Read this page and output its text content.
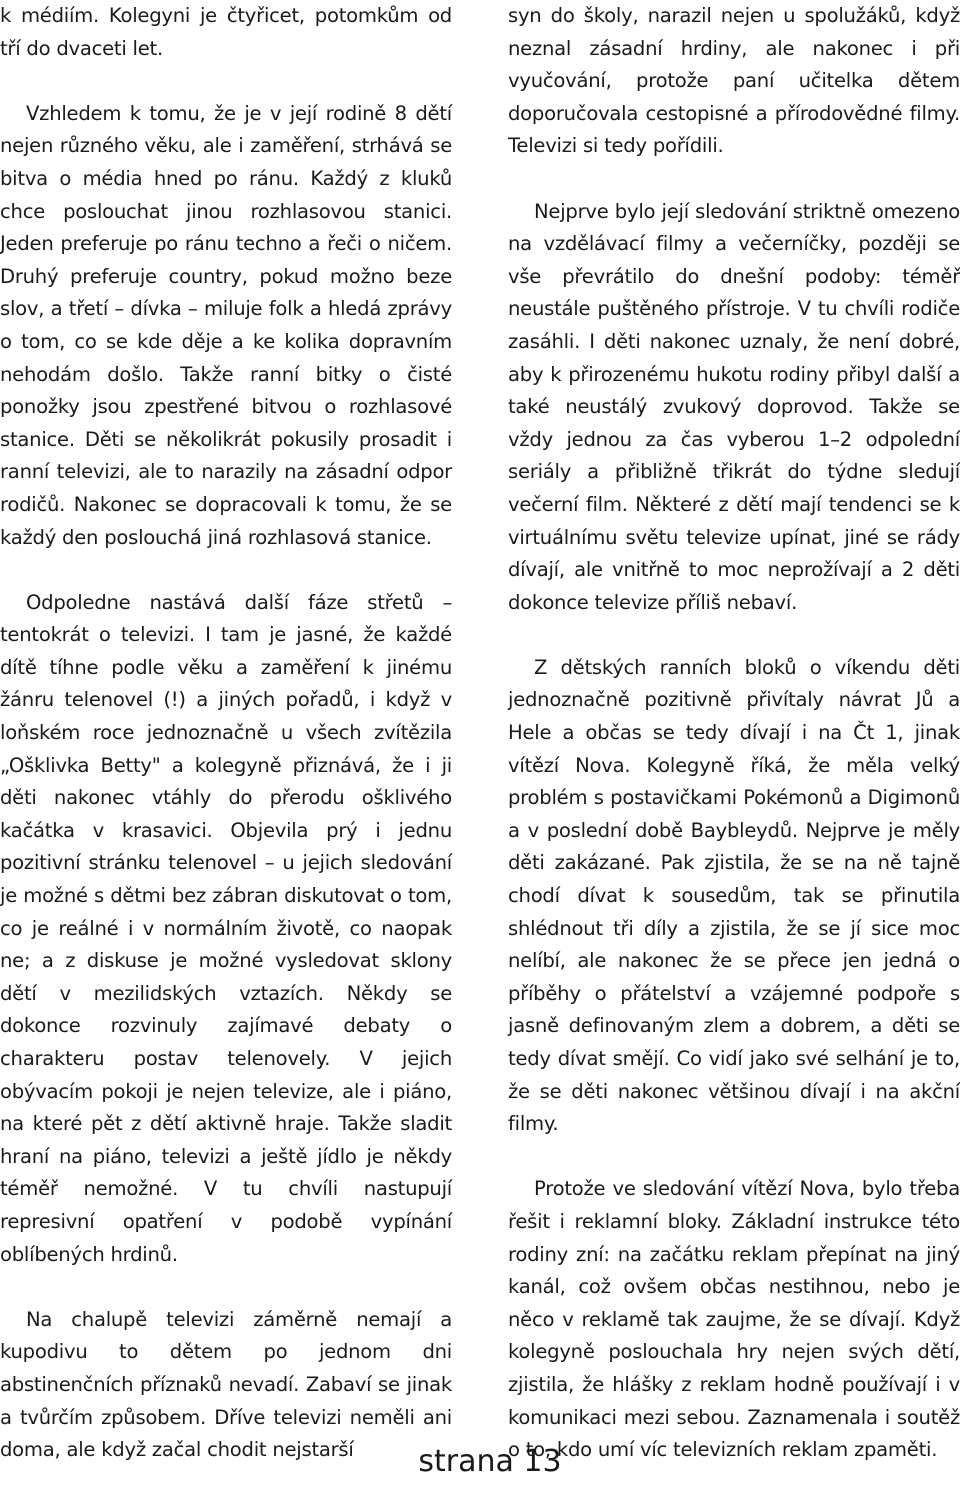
k médiím. Kolegyni je čtyřicet, potomkům od tří do dvaceti let.

Vzhledem k tomu, že je v její rodině 8 dětí nejen různého věku, ale i zaměření, strhává se bitva o média hned po ránu. Každý z kluků chce poslouchat jinou rozhlasovou stanici. Jeden preferuje po ránu techno a řeči o ničem. Druhý preferuje country, pokud možno beze slov, a třetí – dívka – miluje folk a hledá zprávy o tom, co se kde děje a ke kolika dopravním nehodám došlo. Takže ranní bitky o čisté ponožky jsou zpestřené bitvou o rozhlasové stanice. Děti se několikrát pokusily prosadit i ranní televizi, ale to narazily na zásadní odpor rodičů. Nakonec se dopracovali k tomu, že se každý den poslouchá jiná rozhlasová stanice.

Odpoledne nastává další fáze střetů – tentokrát o televizi. I tam je jasné, že každé dítě tíhne podle věku a zaměření k jinému žánru telenovel (!) a jiných pořadů, i když v loňském roce jednoznačně u všech zvítězila „Ošklivka Betty" a kolegyně přiznává, že i ji děti nakonec vtáhly do přerodu ošklivého kačátka v krasavici. Objevila prý i jednu pozitivní stránku telenovel – u jejich sledování je možné s dětmi bez zábran diskutovat o tom, co je reálné i v normálním životě, co naopak ne; a z diskuse je možné vysledovat sklony dětí v mezilidských vztazích. Někdy se dokonce rozvinuly zajímavé debaty o charakteru postav telenovely. V jejich obývacím pokoji je nejen televize, ale i piáno, na které pět z dětí aktivně hraje. Takže sladit hraní na piáno, televizi a ještě jídlo je někdy téměř nemožné. V tu chvíli nastupují represivní opatření v podobě vypínání oblíbených hrdinů.

Na chalupě televizi záměrně nemají a kupodivu to dětem po jednom dni abstinenčních příznaků nevadí. Zabaví se jinak a tvůrčím způsobem. Dříve televizi neměli ani doma, ale když začal chodit nejstarší

syn do školy, narazil nejen u spolužáků, když neznal zásadní hrdiny, ale nakonec i při vyučování, protože paní učitelka dětem doporučovala cestopisné a přírodovědné filmy. Televizi si tedy pořídili.

Nejprve bylo její sledování striktně omezeno na vzdělávací filmy a večerníčky, později se vše převrátilo do dnešní podoby: téměř neustále puštěného přístroje. V tu chvíli rodiče zasáhli. I děti nakonec uznaly, že není dobré, aby k přirozenému hukotu rodiny přibyl další a také neustálý zvukový doprovod. Takže se vždy jednou za čas vyberou 1–2 odpolední seriály a přibližně třikrát do týdne sledují večerní film. Některé z dětí mají tendenci se k virtuálnímu světu televize upínat, jiné se rády dívají, ale vnitřně to moc neprožívají a 2 děti dokonce televize příliš nebaví.

Z dětských ranních bloků o víkendu děti jednoznačně pozitivně přivítaly návrat Jů a Hele a občas se tedy dívají i na Čt 1, jinak vítězí Nova. Kolegyně říká, že měla velký problém s postavičkami Pokémonů a Digimonů a v poslední době Baybleydů. Nejprve je měly děti zakázané. Pak zjistila, že se na ně tajně chodí dívat k sousedům, tak se přinutila shlédnout tři díly a zjistila, že se jí sice moc nelíbí, ale nakonec že se přece jen jedná o příběhy o přátelství a vzájemné podpoře s jasně definovaným zlem a dobrem, a děti se tedy dívat smějí. Co vidí jako své selhání je to, že se děti nakonec většinou dívají i na akční filmy.

Protože ve sledování vítězí Nova, bylo třeba řešit i reklamní bloky. Základní instrukce této rodiny zní: na začátku reklam přepínat na jiný kanál, což ovšem občas nestihnou, nebo je něco v reklamě tak zaujme, že se dívají. Když kolegyně poslouchala hry nejen svých dětí, zjistila, že hlášky z reklam hodně používají i v komunikaci mezi sebou. Zaznamenala i soutěž o to, kdo umí víc televizních reklam zpaměti.

strana 13
